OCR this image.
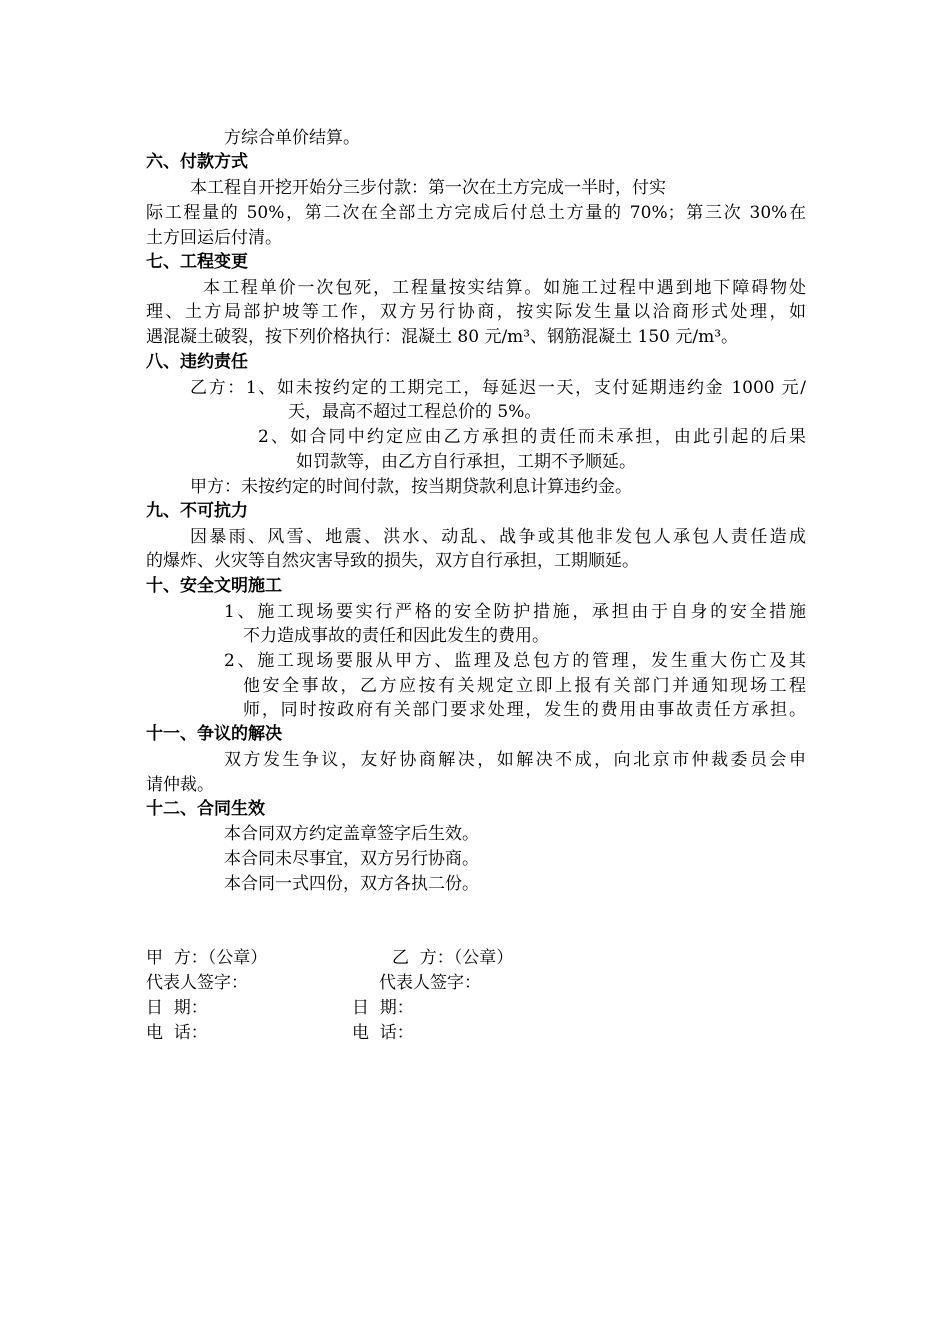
方综合单价结算。
六、付款方式
本工程自开挖开始分三步付款：第一次在土方完成一半时，付实
际工程量的 50%，第二次在全部土方完成后付总土方量的 70%；第三次 30%在
土方回运后付清。
七、工程变更
本工程单价一次包死，工程量按实结算。如施工过程中遇到地下障碍物处
理、土方局部护坡等工作，双方另行协商，按实际发生量以洽商形式处理，如
遇混凝土破裂，按下列价格执行：混凝土 80 元/m³、钢筋混凝土 150 元/m³。
八、违约责任
乙方：1、如未按约定的工期完工，每延迟一天，支付延期违约金 1000 元/
天，最高不超过工程总价的 5%。
2、如合同中约定应由乙方承担的责任而未承担，由此引起的后果
如罚款等，由乙方自行承担，工期不予顺延。
甲方：未按约定的时间付款，按当期贷款利息计算违约金。
九、不可抗力
因暴雨、风雪、地震、洪水、动乱、战争或其他非发包人承包人责任造成
的爆炸、火灾等自然灾害导致的损失，双方自行承担，工期顺延。
十、安全文明施工
1、施工现场要实行严格的安全防护措施，承担由于自身的安全措施
不力造成事故的责任和因此发生的费用。
2、施工现场要服从甲方、监理及总包方的管理，发生重大伤亡及其
他安全事故，乙方应按有关规定立即上报有关部门并通知现场工程
师，同时按政府有关部门要求处理，发生的费用由事故责任方承担。
十一、争议的解决
双方发生争议，友好协商解决，如解决不成，向北京市仲裁委员会申
请仲裁。
十二、合同生效
本合同双方约定盖章签字后生效。
本合同未尽事宜，双方另行协商。
本合同一式四份，双方各执二份。
甲  方：（公章）	乙  方：（公章）
代表人签字：	代表人签字：
日  期：	日  期：
电  话：	电  话：
